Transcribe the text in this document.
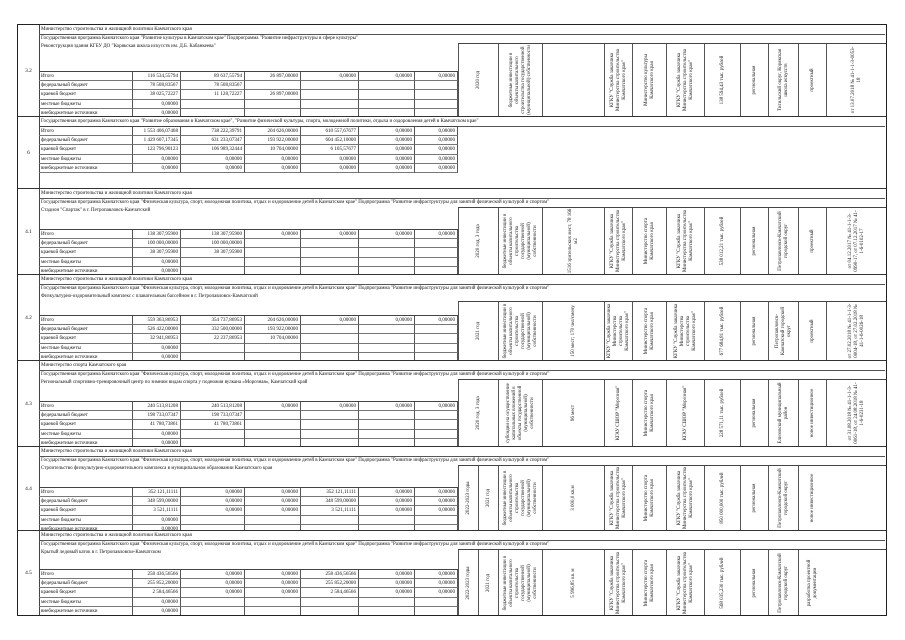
3.2
Министерство строительства и жилищной политики Камчатского края
Государственная программа Камчатского края "Развитие культуры в Камчатском крае" Подпрограмма "Развитие инфраструктуры в сфере культуры"
Реконструкция здания КГБУ ДО "Корякская школа искусств им. Д.Б. Кабанкеева"
Итого	116 534,55794	89 637,55794	26 897,00000	0,00000	0,00000	0,00000
федеральный бюджет	78 508,83567	78 508,83567
краевой бюджет	38 025,72227	11 128,72227	26 897,00000
местные бюджеты	0,00000
внебюджетные источники	0,00000
2020 год	бюджетные инвестиции в объекты капитального строительства государственной (муниципальной) собственности	КГКУ "Служба заказчика Министерства строительства Камчатского края"	Министерство культуры Камчатского края	КГКУ "Служба заказчика Министерства строительства Камчатского края"	138 594,43 тыс. рублей	региональная	Тигильский округ, Корякская школа искусств	проектный	от 13.07.2018 № 41-1-1-3-0053-18
6
Государственная программа Камчатского края "Развитие образования в Камчатском крае", "Развитие физической культуры, спорта, молодежной политики, отдыха и оздоровления детей в Камчатском крае"
Итого	1 553 406,07468	738 222,39791	204 626,00000	610 557,67677	0,00000	0,00000
федеральный бюджет	1 429 607,17345	631 233,07347	193 922,00000	604 452,10000	0,00000	0,00000
краевой бюджет	123 796,90123	106 989,32444	10 704,00000	6 105,57677	0,00000	0,00000
местные бюджеты	0,00000	0,00000	0,00000	0,00000	0,00000	0,00000
внебюджетные источники	0,00000	0,00000	0,00000	0,00000	0,00000	0,00000
4.1
Министерство строительства и жилищной политики Камчатского края
Государственная программа Камчатского края "Физическая культура, спорт, молодежная политика, отдых и оздоровление детей в Камчатском крае" Подпрограмма "Развитие инфраструктуры для занятий физической культурой и спортом"
Стадион "Спартак" в г. Петропавловск-Камчатский
Итого	138 307,95900	138 307,95900	0,00000	0,00000	0,00000	0,00000
федеральный бюджет	100 000,00000	100 000,00000
краевой бюджет	38 307,95900	38 307,95900
местные бюджеты	0,00000
внебюджетные источники	0,00000
2020 год, 3 года	бюджетные инвестиции в объекты капитального строительства государственной (муниципальной) собственности	1516 зрительских мест, 78 166 м2	КГКУ "Служба заказчика Министерства строительства Камчатского края"	Министерство спорта Камчатского края	КГКУ "Служба заказчика Министерства строительства Камчатского края"	538 012,21 тыс. рублей	региональная	Петропавловск-Камчатский городской округ	проектный	от 04.12.2017 № 41-1-1-3-0990-17, от 07.12.2017 № 41-1-6-0102-17
4.2
Министерство строительства и жилищной политики Камчатского края
Государственная программа Камчатского края "Физическая культура, спорт, молодежная политика, отдых и оздоровление детей в Камчатском крае" Подпрограмма "Развитие инфраструктуры для занятий физической культурой и спортом"
Физкультурно-оздоровительный комплекс с плавательным бассейном в г. Петропавловск-Камчатский
Итого	559 363,86953	354 737,86953	204 626,00000	0,00000	0,00000	0,00000
федеральный бюджет	526 422,00000	332 500,00000	193 922,00000
краевой бюджет	32 941,86953	22 237,86953	10 704,00000
местные бюджеты	0,00000
внебюджетные источники	0,00000
2021 год	бюджетные инвестиции в объекты капитального строительства государственной (муниципальной) собственности	150 мест; 170 чел/смену	КГКУ "Служба заказчика Министерства строительства Камчатского края"	Министерство спорта Камчатского края	КГКУ "Служба заказчика Министерства строительства Камчатского края"	677 684,81 тыс. рублей	региональная	Петропавловск-Камчатский городской округ	проектный	от 27.02.2018 № 41-1-1-3-0004-18, от 27.02.2018 № 41-1-6-0026-18
4.3
Министерство спорта Камчатского края
Государственная программа Камчатского края "Физическая культура, спорт, молодежная политика, отдых и оздоровление детей в Камчатском крае" Подпрограмма "Развитие инфраструктуры для занятий физической культурой и спортом"
Региональный спортивно-тренировочный центр по зимним видам спорта у подножия вулкана «Морозная», Камчатский край
Итого	240 513,81208	240 513,81208	0,00000	0,00000	0,00000	0,00000
федеральный бюджет	198 733,07347	198 733,07347
краевой бюджет	41 780,73861	41 780,73861
местные бюджеты	0,00000
внебюджетные источники	0,00000
2020 год, 3 года	субсидии на осуществление капитальных вложений в объекты государственной (муниципальной) собственности	96 мест	КГАУ СШОР "Морозная"	Министерство спорта Камчатского края	КГАУ СШОР "Морозная"	228 571,11 тыс. рублей	региональная	Елизовский муниципальный район	новое инвестиционное	от 31.08.2018 № 41-1-1-3-0061-18, от 24.08.2018 № 41-1-6-0231-18
4.4
Министерство строительства и жилищной политики Камчатского края
Государственная программа Камчатского края "Физическая культура, спорт, молодежная политика, отдых и оздоровление детей в Камчатском крае" Подпрограмма "Развитие инфраструктуры для занятий физической культурой и спортом"
Строительство физкультурно-оздоровительного комплекса в муниципальном образовании Камчатского края
Итого	352 121,11111	0,00000	0,00000	352 121,11111	0,00000	0,00000
федеральный бюджет	348 599,00000	0,00000	0,00000	348 599,00000	0,00000	0,00000
краевой бюджет	3 521,11111	0,00000	0,00000	3 521,11111	0,00000	0,00000
местные бюджеты	0,00000
внебюджетные источники	0,00000
2022-2023 годы	2021 год бюджетные инвестиции в объекты капитального строительства государственной (муниципальной) собственности	3 000,0 кв.м	КГКУ "Служба заказчика Министерства строительства Камчатского края"	Министерство спорта Камчатского края	КГКУ "Служба заказчика Министерства строительства Камчатского края"	850 000,000 тыс. рублей	региональная	Петропавловск-Камчатский городской округ	новое инвестиционное
4.5
Министерство строительства и жилищной политики Камчатского края
Государственная программа Камчатского края "Физическая культура, спорт, молодежная политика, отдых и оздоровление детей в Камчатском крае" Подпрограмма "Развитие инфраструктуры для занятий физической культурой и спортом"
Крытый ледовый каток в г. Петропавловске-Камчатском
Итого	258 436,56566	0,00000	0,00000	258 436,56566	0,00000	0,00000
федеральный бюджет	255 852,20000	0,00000	0,00000	255 852,20000	0,00000	0,00000
краевой бюджет	2 584,46566	0,00000	0,00000	2 584,46566	0,00000	0,00000
местные бюджеты	0,00000
внебюджетные источники	0,00000
2022-2023 годы	2021 год бюджетные инвестиции в объекты капитального строительства государственной (муниципальной) собственности	5 996,85 кв. м	КГКУ "Служба заказчика Министерства строительства Камчатского края"	Министерство спорта Камчатского края	КГКУ "Служба заказчика Министерства строительства Камчатского края"	568 035,230 тыс. рублей	региональная	Петропавловск-Камчатский городской округ	разработка проектной документации
